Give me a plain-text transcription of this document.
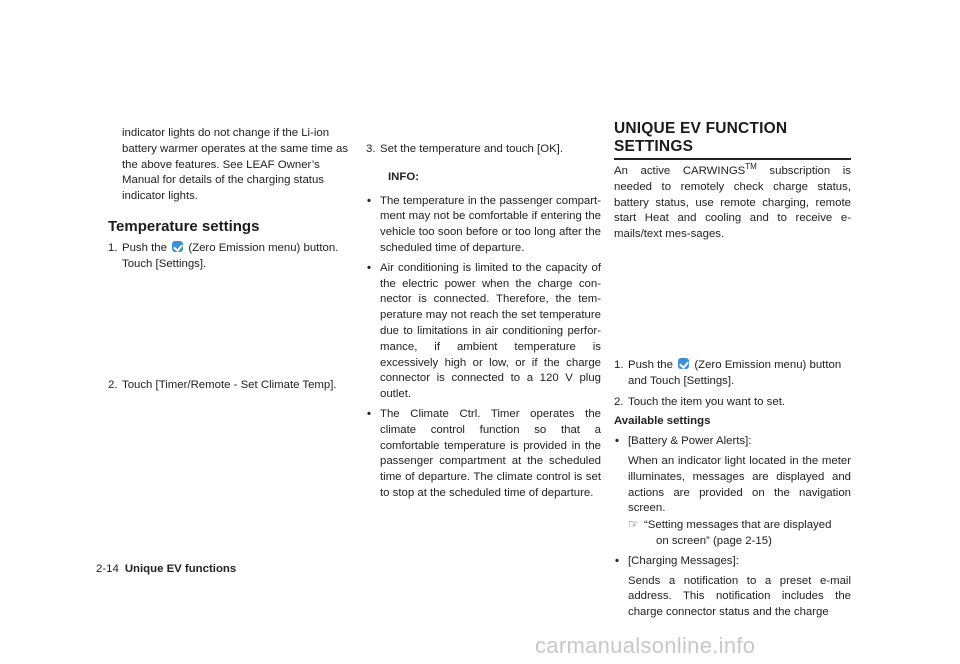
indicator lights do not change if the Li-ion
battery warmer operates at the same time as
the above features. See LEAF Owner’s
Manual for details of the charging status
indicator lights.

Temperature settings
1. Push the (Zero Emission menu) button.
Touch [Settings].
2. Touch [Timer/Remote - Set Climate Temp].
3. Set the temperature and touch [OK].

INFO:

• The temperature in the passenger compart-ment may not be comfortable if entering the vehicle too soon before or too long after the scheduled time of departure.
• Air conditioning is limited to the capacity of the electric power when the charge con-nector is connected. Therefore, the tem-perature may not reach the set temperature due to limitations in air conditioning perfor-mance, if ambient temperature is excessively high or low, or if the charge connector is connected to a 120 V plug outlet.
• The Climate Ctrl. Timer operates the climate control function so that a comfortable temperature is provided in the passenger compartment at the scheduled time of departure. The climate control is set to stop at the scheduled time of departure.
UNIQUE EV FUNCTION SETTINGS

An active CARWINGS™ subscription is needed to remotely check charge status, battery status, use remote charging, remote start Heat and cooling and to receive e-mails/text mes-sages.

1. Push the (Zero Emission menu) button
and Touch [Settings].
2. Touch the item you want to set.

Available settings

• [Battery & Power Alerts]:

When an indicator light located in the meter illuminates, messages are displayed and actions are provided on the navigation screen.

☞ “Setting messages that are displayed
on screen” (page 2-15)

• [Charging Messages]:

Sends a notification to a preset e-mail address. This notification includes the charge connector status and the charge

2-14 Unique EV functions
carmanualsonline.info
